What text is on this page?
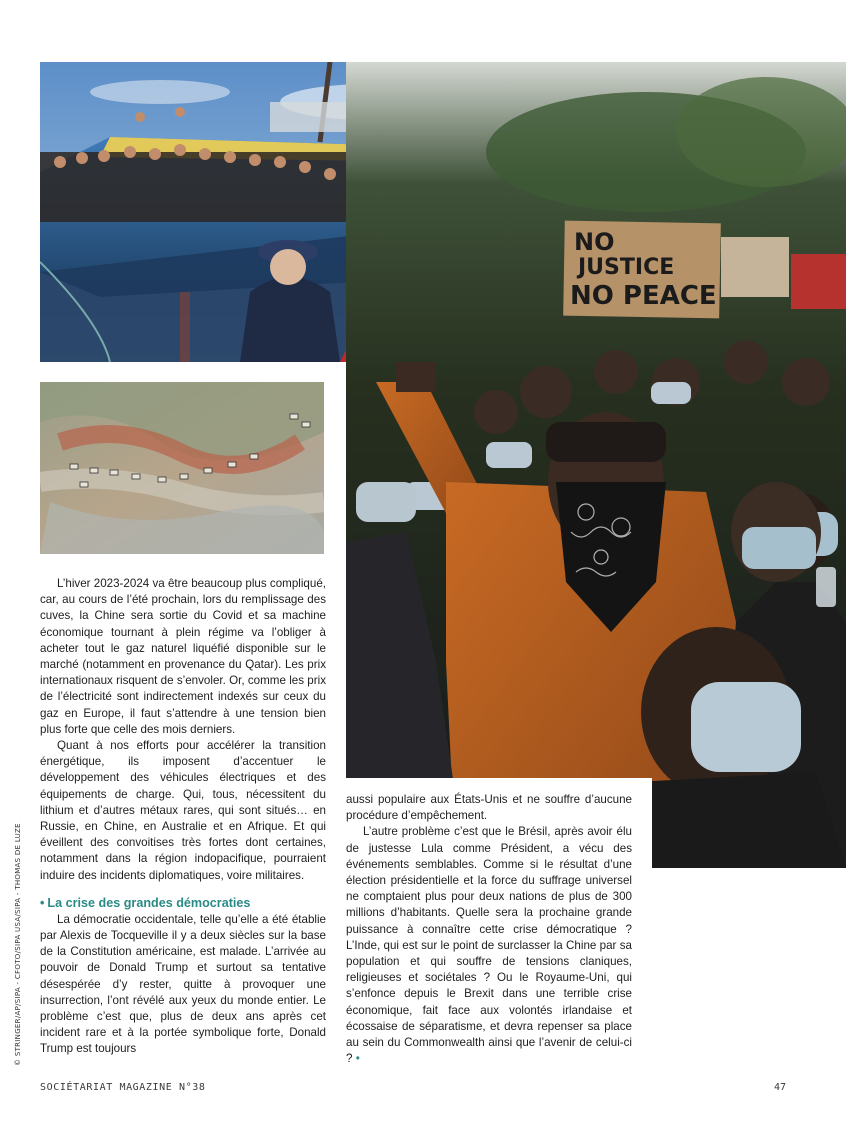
NO
JUSTICE
NO PEACE
© STRINGER/AP/SIPA - CFOTO/SIPA USA/SIPA - THOMAS DE LUZE

L’hiver 2023-2024 va être beaucoup plus compliqué, car, au cours de l’été prochain, lors du remplissage des cuves, la Chine sera sortie du Covid et sa machine économique tournant à plein régime va l’obliger à acheter tout le gaz naturel liquéfié disponible sur le marché (notamment en provenance du Qatar). Les prix internationaux risquent de s’envoler. Or, comme les prix de l’électricité sont indirectement indexés sur ceux du gaz en Europe, il faut s’attendre à une tension bien plus forte que celle des mois derniers.

Quant à nos efforts pour accélérer la transition énergétique, ils imposent d’accentuer le développement des véhicules électriques et des équipements de charge. Qui, tous, nécessitent du lithium et d’autres métaux rares, qui sont situés… en Russie, en Chine, en Australie et en Afrique. Et qui éveillent des convoitises très fortes dont certaines, notamment dans la région indopacifique, pourraient induire des incidents diplomatiques, voire militaires.

• La crise des grandes démocraties

La démocratie occidentale, telle qu’elle a été établie par Alexis de Tocqueville il y a deux siècles sur la base de la Constitution américaine, est malade. L’arrivée au pouvoir de Donald Trump et surtout sa tentative désespérée d’y rester, quitte à provoquer une insurrection, l’ont révélé aux yeux du monde entier. Le problème c’est que, plus de deux ans après cet incident rare et à la portée symbolique forte, Donald Trump est toujours

aussi populaire aux États-Unis et ne souffre d’aucune procédure d’empêchement.

L’autre problème c’est que le Brésil, après avoir élu de justesse Lula comme Président, a vécu des événements semblables. Comme si le résultat d’une élection présidentielle et la force du suffrage universel ne comptaient plus pour deux nations de plus de 300 millions d’habitants. Quelle sera la prochaine grande puissance à connaître cette crise démocratique ? L’Inde, qui est sur le point de surclasser la Chine par sa population et qui souffre de tensions claniques, religieuses et sociétales ? Ou le Royaume-Uni, qui s’enfonce depuis le Brexit dans une terrible crise économique, fait face aux volontés irlandaise et écossaise de séparatisme, et devra repenser sa place au sein du Commonwealth ainsi que l’avenir de celui-ci ? •

SOCIÉTARIAT MAGAZINE N°38	47
